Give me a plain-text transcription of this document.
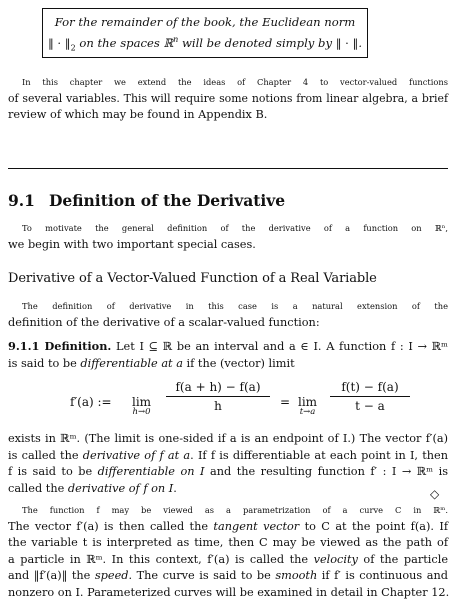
For the remainder of the book, the Euclidean norm
‖ · $‖_2$ on the spaces ℝ$^n$ will be denoted simply by ‖ · ‖.
In this chapter we extend the ideas of Chapter 4 to vector-valued functions
of several variables. This will require some notions from linear algebra, a brief
review of which may be found in Appendix B.
9.1 Definition of the Derivative
To motivate the general definition of the derivative of a function on ℝⁿ,
we begin with two important special cases.
Derivative of a Vector-Valued Function of a Real Variable
The definition of derivative in this case is a natural extension of the
definition of the derivative of a scalar-valued function:
9.1.1 Definition. Let I ⊆ ℝ be an interval and a ∈ I. A function f : I → ℝᵐ
is said to be differentiable at a if the (vector) limit
f′(a) := lim
h→0
f(a + h) − f(a)
h	= lim
t→a
f(t) − f(a)
t − a
exists in ℝᵐ. (The limit is one-sided if a is an endpoint of I.) The vector f′(a)
is called the derivative of f at a. If f is differentiable at each point in I, then
f is said to be differentiable on I and the resulting function f′ : I → ℝᵐ is
called the derivative of f on I.	◇
The function f may be viewed as a parametrization of a curve C in ℝᵐ.
The vector f′(a) is then called the tangent vector to C at the point f(a). If
the variable t is interpreted as time, then C may be viewed as the path of
a particle in ℝᵐ. In this context, f′(a) is called the velocity of the particle
and ‖f′(a)‖ the speed. The curve is said to be smooth if f′ is continuous and
nonzero on I. Parameterized curves will be examined in detail in Chapter 12.
